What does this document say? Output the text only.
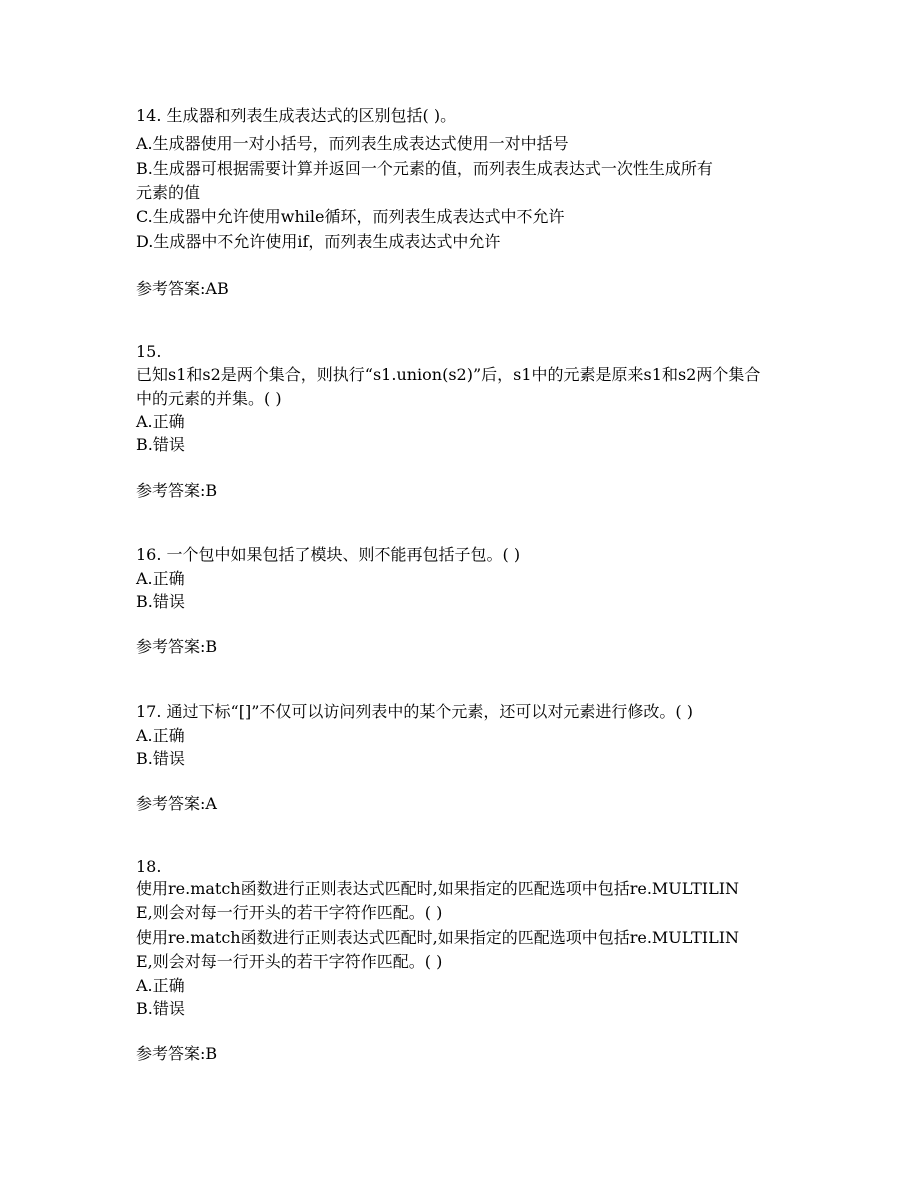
14. 生成器和列表生成表达式的区别包括( )。
A.生成器使用一对小括号，而列表生成表达式使用一对中括号
B.生成器可根据需要计算并返回一个元素的值，而列表生成表达式一次性生成所有
元素的值
C.生成器中允许使用while循环，而列表生成表达式中不允许
D.生成器中不允许使用if，而列表生成表达式中允许
参考答案:AB
15.
已知s1和s2是两个集合，则执行“s1.union(s2)”后，s1中的元素是原来s1和s2两个集合
中的元素的并集。( )
A.正确
B.错误
参考答案:B
16. 一个包中如果包括了模块、则不能再包括子包。( )
A.正确
B.错误
参考答案:B
17. 通过下标“[]”不仅可以访问列表中的某个元素，还可以对元素进行修改。( )
A.正确
B.错误
参考答案:A
18.
使用re.match函数进行正则表达式匹配时,如果指定的匹配选项中包括re.MULTILIN
E,则会对每一行开头的若干字符作匹配。( )
使用re.match函数进行正则表达式匹配时,如果指定的匹配选项中包括re.MULTILIN
E,则会对每一行开头的若干字符作匹配。( )
A.正确
B.错误
参考答案:B
